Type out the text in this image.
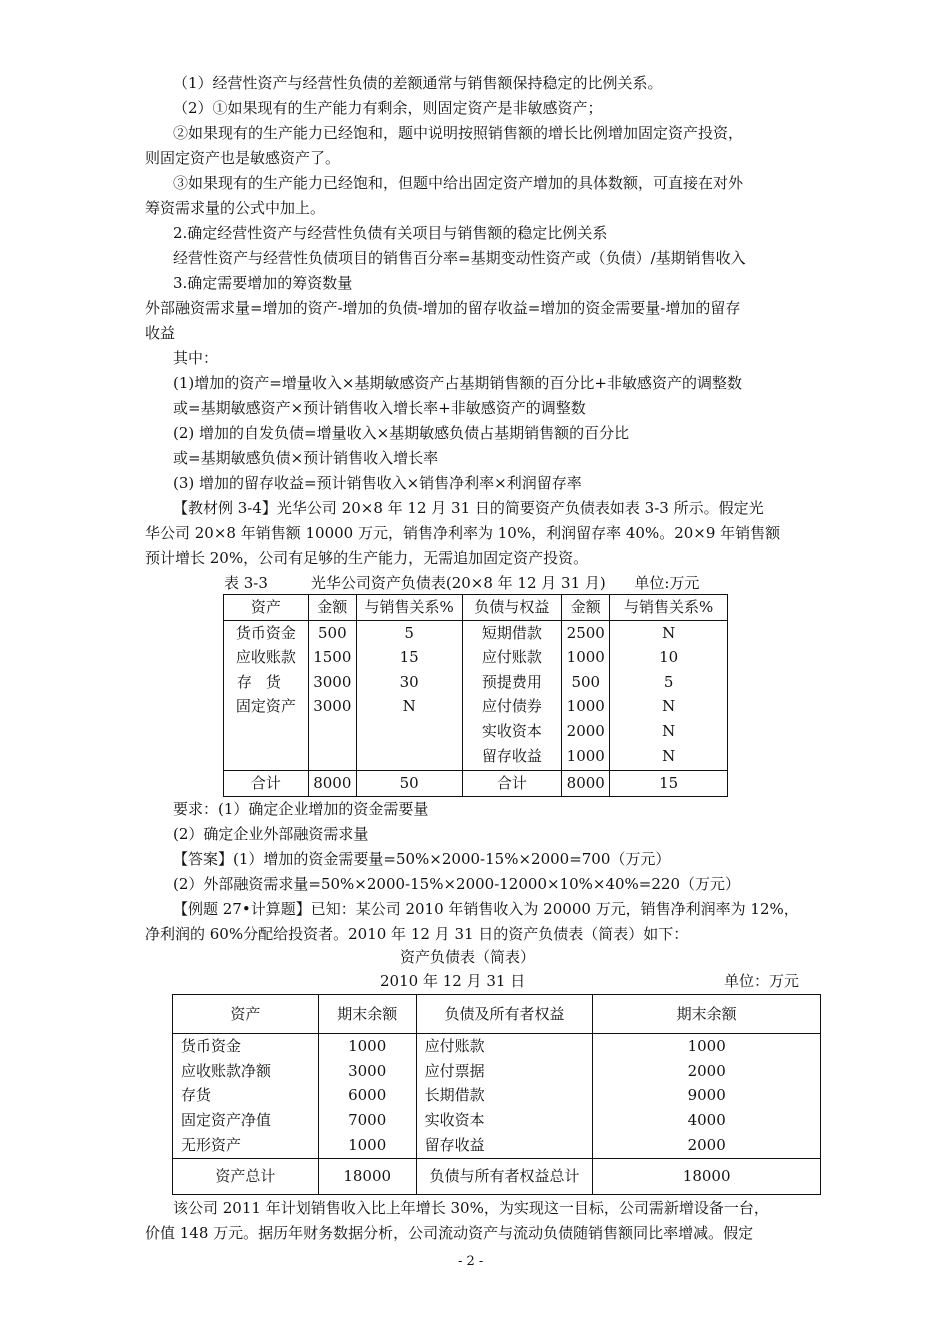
（1）经营性资产与经营性负债的差额通常与销售额保持稳定的比例关系。
（2）①如果现有的生产能力有剩余，则固定资产是非敏感资产；
②如果现有的生产能力已经饱和，题中说明按照销售额的增长比例增加固定资产投资，
则固定资产也是敏感资产了。
③如果现有的生产能力已经饱和，但题中给出固定资产增加的具体数额，可直接在对外
筹资需求量的公式中加上。
2.确定经营性资产与经营性负债有关项目与销售额的稳定比例关系
经营性资产与经营性负债项目的销售百分率=基期变动性资产或（负债）/基期销售收入
3.确定需要增加的筹资数量
外部融资需求量=增加的资产-增加的负债-增加的留存收益=增加的资金需要量-增加的留存
收益
其中：
(1)增加的资产=增量收入×基期敏感资产占基期销售额的百分比+非敏感资产的调整数
或=基期敏感资产×预计销售收入增长率+非敏感资产的调整数
(2) 增加的自发负债=增量收入×基期敏感负债占基期销售额的百分比
或=基期敏感负债×预计销售收入增长率
(3) 增加的留存收益=预计销售收入×销售净利率×利润留存率
【教材例 3-4】光华公司 20×8 年 12 月 31 日的简要资产负债表如表 3-3 所示。假定光
华公司 20×8 年销售额 10000 万元，销售净利率为 10%，利润留存率 40%。20×9 年销售额
预计增长 20%，公司有足够的生产能力，无需追加固定资产投资。
表 3-3         光华公司资产负债表(20×8 年 12 月 31 月)      单位:万元
资产	金额	与销售关系%	负债与权益	金额	与销售关系%
货币资金	500	5	短期借款	2500	N
应收账款	1500	15	应付账款	1000	10
存货	3000	30	预提费用	500	5
固定资产	3000	N	应付债券	1000	N
			实收资本	2000	N
			留存收益	1000	N
合计	8000	50	合计	8000	15
要求：(1）确定企业增加的资金需要量
(2）确定企业外部融资需求量
【答案】(1）增加的资金需要量=50%×2000-15%×2000=700（万元）
(2）外部融资需求量=50%×2000-15%×2000-12000×10%×40%=220（万元）
【例题 27•计算题】已知：某公司 2010 年销售收入为 20000 万元，销售净利润率为 12%，
净利润的 60%分配给投资者。2010 年 12 月 31 日的资产负债表（简表）如下：
资产负债表（简表）
2010 年 12 月 31 日	单位：万元
资产	期末余额	负债及所有者权益	期末余额
货币资金	1000	应付账款	1000
应收账款净额	3000	应付票据	2000
存货	6000	长期借款	9000
固定资产净值	7000	实收资本	4000
无形资产	1000	留存收益	2000
资产总计	18000	负债与所有者权益总计	18000
该公司 2011 年计划销售收入比上年增长 30%，为实现这一目标，公司需新增设备一台，
价值 148 万元。据历年财务数据分析，公司流动资产与流动负债随销售额同比率增减。假定
- 2 -
